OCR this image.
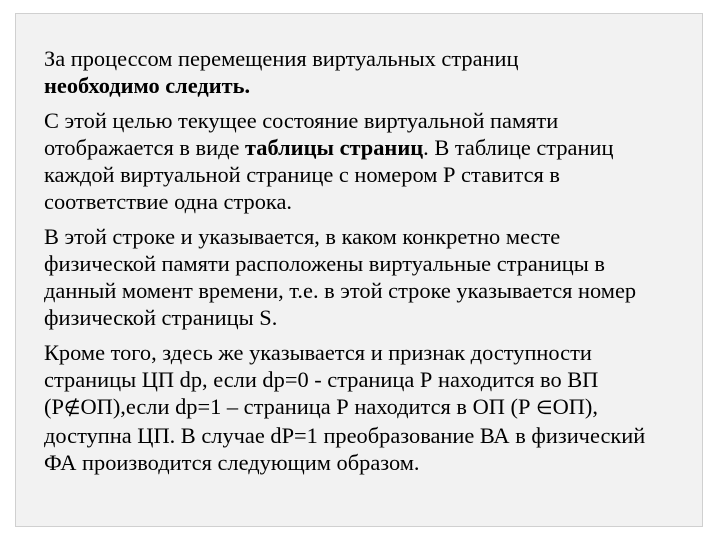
За процессом перемещения виртуальных страниц
необходимо следить.

С этой целью текущее состояние виртуальной памяти отображается в виде таблицы страниц. В таблице страниц каждой виртуальной странице с номером Р ставится в соответствие одна строка.

В этой строке и указывается, в каком конкретно месте физической памяти расположены виртуальные страницы в данный момент времени, т.е. в этой строке указывается номер физической страницы S.

Кроме того, здесь же указывается и признак доступности страницы ЦП dp, если dp=0 - страница Р находится во ВП (Р∉ОП),если dp=1 – страница Р находится в ОП (Р ∈ОП), доступна ЦП. В случае dP=1 преобразование ВА в физический ФА производится следующим образом.
